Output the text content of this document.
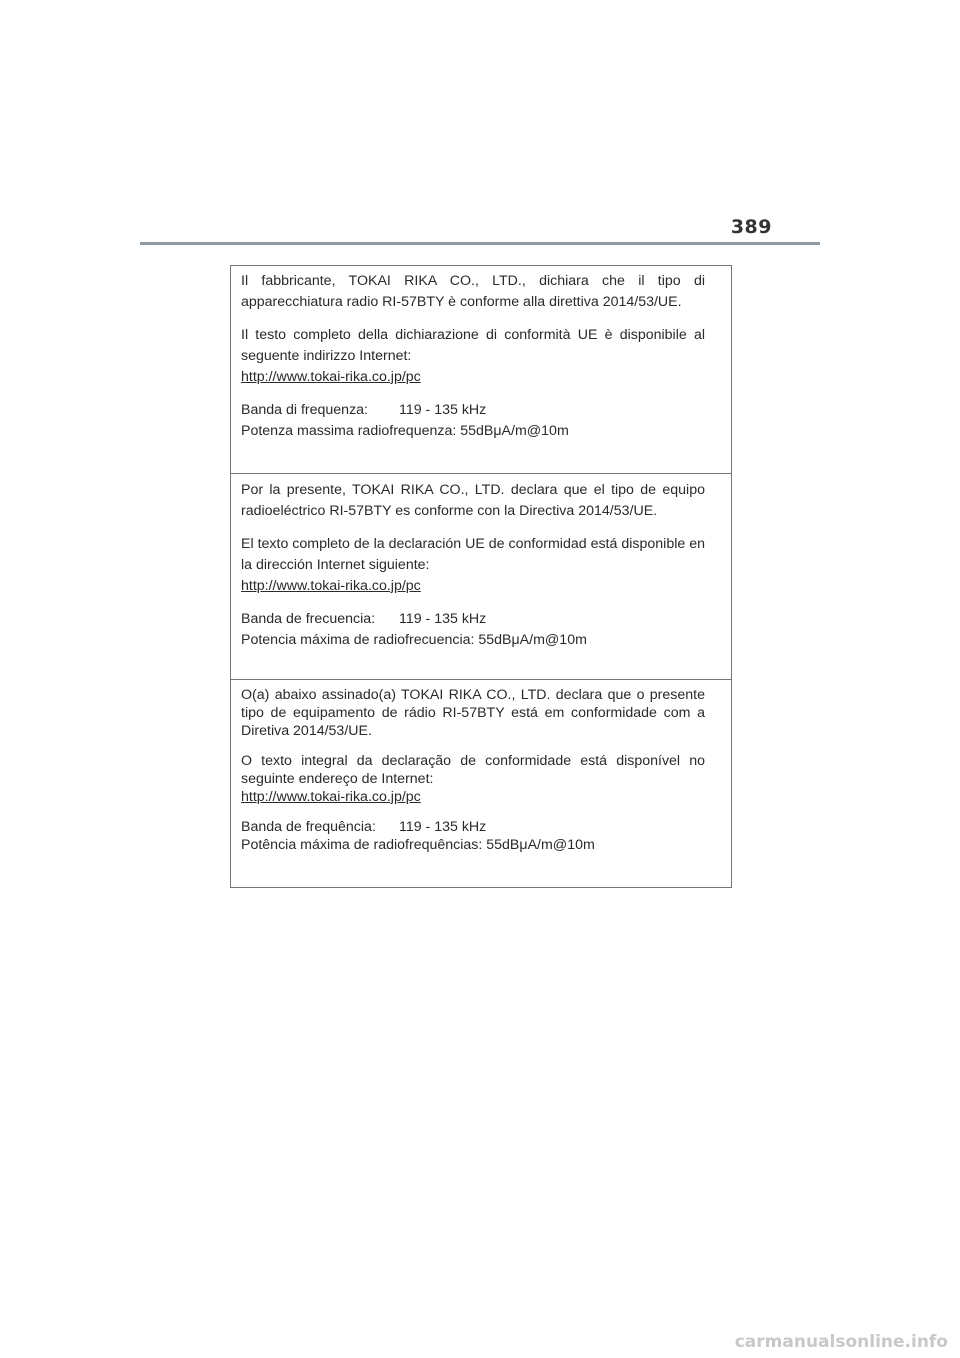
389

Il fabbricante, TOKAI RIKA CO., LTD., dichiara che il tipo di apparecchiatura radio RI-57BTY è conforme alla direttiva 2014/53/UE.

Il testo completo della dichiarazione di conformità UE è disponibile al seguente indirizzo Internet:

http://www.tokai-rika.co.jp/pc

Banda di frequenza: 119 - 135 kHz

Potenza massima radiofrequenza: 55dBμA/m@10m

Por la presente, TOKAI RIKA CO., LTD. declara que el tipo de equipo radioeléctrico RI-57BTY es conforme con la Directiva 2014/53/UE.

El texto completo de la declaración UE de conformidad está disponible en la dirección Internet siguiente:

http://www.tokai-rika.co.jp/pc

Banda de frecuencia: 119 - 135 kHz

Potencia máxima de radiofrecuencia: 55dBμA/m@10m

O(a) abaixo assinado(a) TOKAI RIKA CO., LTD. declara que o presente tipo de equipamento de rádio RI-57BTY está em conformidade com a Diretiva 2014/53/UE.

O texto integral da declaração de conformidade está disponível no seguinte endereço de Internet:

http://www.tokai-rika.co.jp/pc

Banda de frequência: 119 - 135 kHz

Potência máxima de radiofrequências: 55dBμA/m@10m

carmanualsonline.info
